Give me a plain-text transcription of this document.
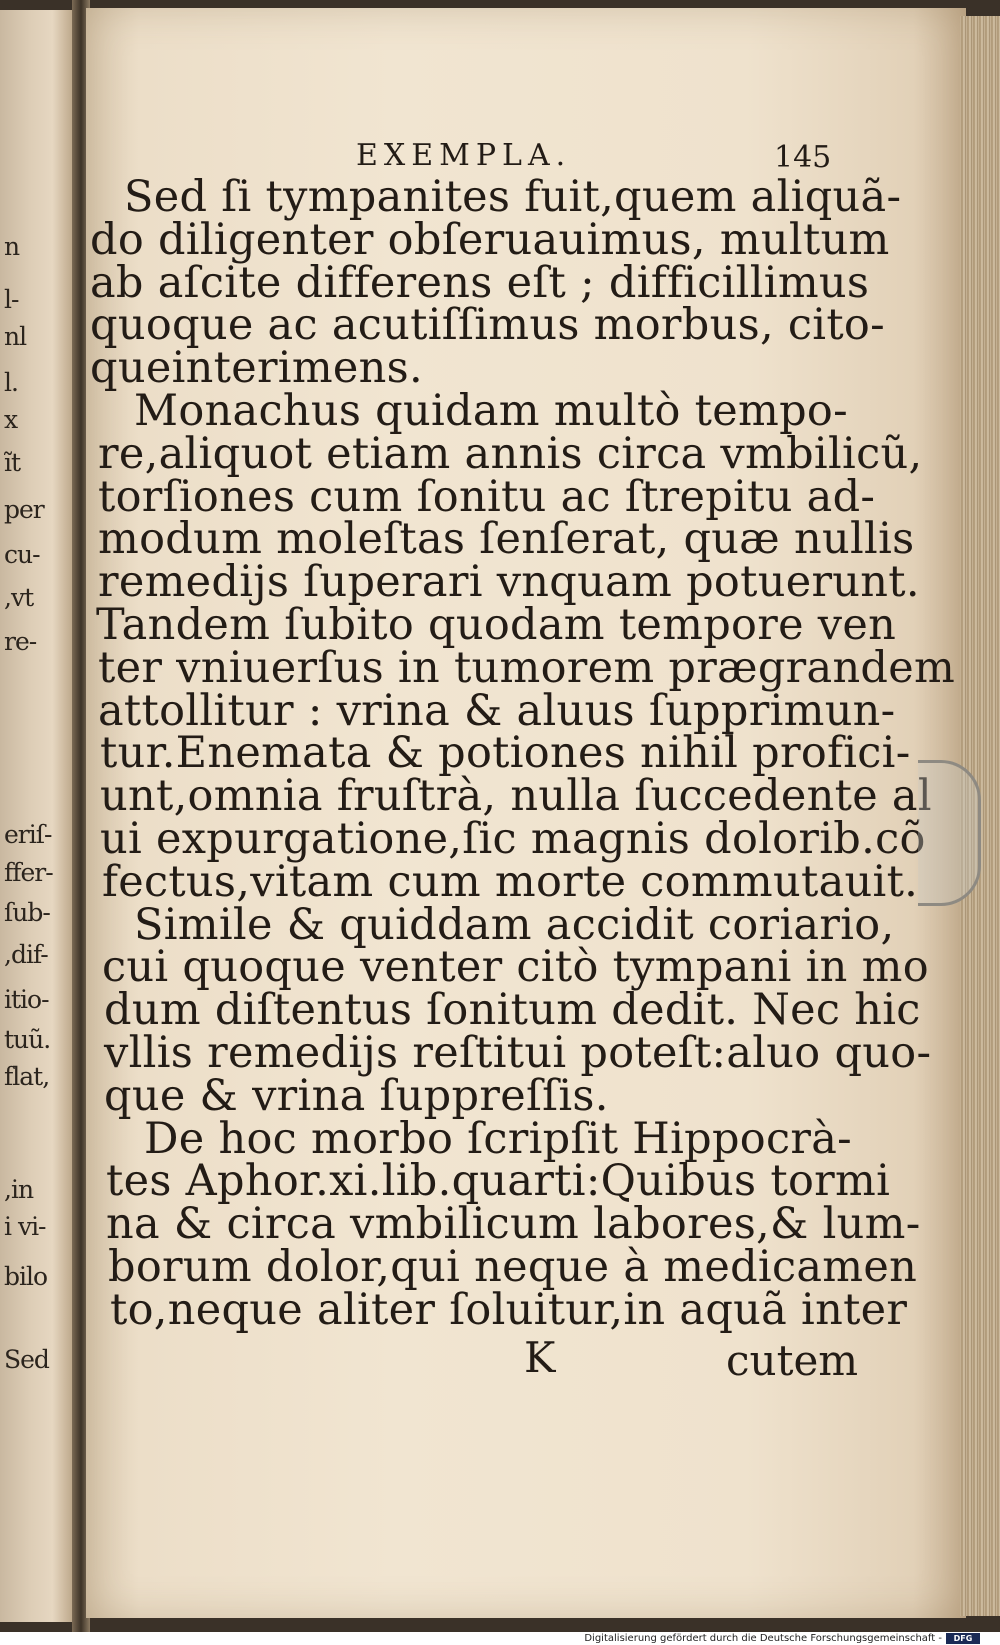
n
l-
nl
l.
x
ĩt
per
cu-
,vt
re-
eriſ-
ffer-
ſub-
,dif-
itio-
tuũ.
flat,
,in
i vi-
bilo
Sed
EXEMPLA.	145
Sed ſi tympanites fuit,quem aliquã-
do diligenter obſeruauimus, multum
ab aſcite differens eſt ; difficillimus
quoque ac acutiſſimus morbus, cito-
queinterimens.
Monachus quidam multò tempo-
re,aliquot etiam annis circa vmbilicũ,
torſiones cum ſonitu ac ſtrepitu ad-
modum moleſtas ſenſerat, quæ nullis
remedijs ſuperari vnquam potuerunt.
Tandem ſubito quodam tempore ven
ter vniuerſus in tumorem prægrandem
attollitur : vrina & aluus ſupprimun-
tur.Enemata & potiones nihil profici-
unt,omnia fruſtrà, nulla ſuccedente al
ui expurgatione,ſic magnis dolorib.cõ
fectus,vitam cum morte commutauit.
Simile & quiddam accidit coriario,
cui quoque venter citò tympani in mo
dum diſtentus ſonitum dedit. Nec hic
vllis remedijs reſtitui poteſt:aluo quo-
que & vrina ſuppreſſis.
De hoc morbo ſcripſit Hippocrà-
tes Aphor.xi.lib.quarti:Quibus tormi
na & circa vmbilicum labores,& lum-
borum dolor,qui neque à medicamen
to,neque aliter ſoluitur,in aquã inter
K	cutem
Digitalisierung gefördert durch die Deutsche Forschungsgemeinschaft -	DFG
